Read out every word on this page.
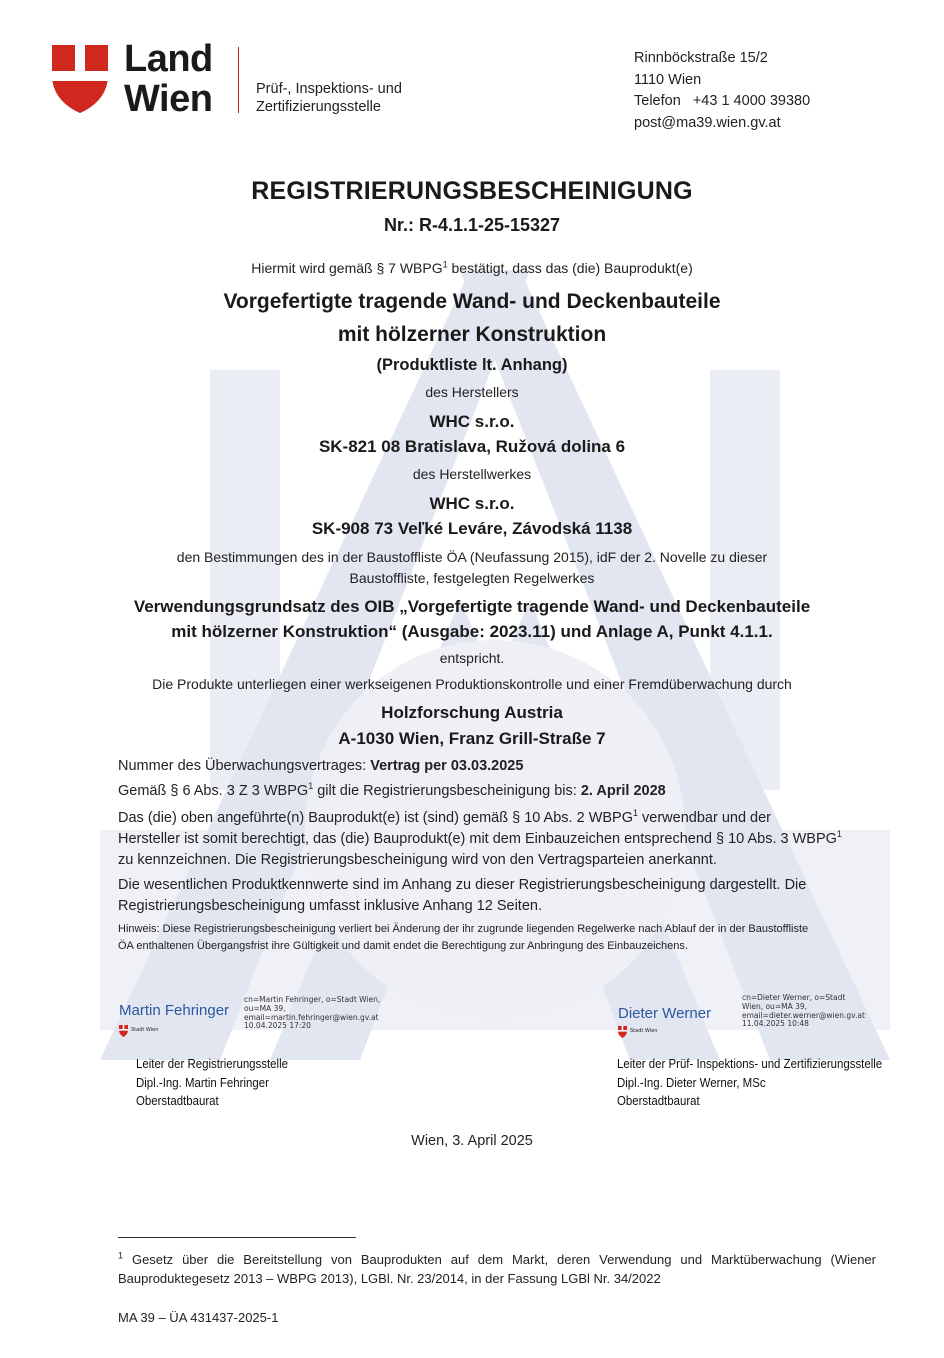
Land
Wien	Prüf-, Inspektions- und
Zertifizierungsstelle
Rinnböckstraße 15/2
1110 Wien
Telefon   +43 1 4000 39380
post@ma39.wien.gv.at
REGISTRIERUNGSBESCHEINIGUNG
Nr.: R-4.1.1-25-15327
Hiermit wird gemäß § 7 WBPG$^1$ bestätigt, dass das (die) Bauprodukt(e)
Vorgefertigte tragende Wand- und Deckenbauteile
mit hölzerner Konstruktion
(Produktliste lt. Anhang)
des Herstellers
WHC s.r.o.
SK-821 08 Bratislava, Ružová dolina 6
des Herstellwerkes
WHC s.r.o.
SK-908 73 Veľké Leváre, Závodská 1138
den Bestimmungen des in der Baustoffliste ÖA (Neufassung 2015), idF der 2. Novelle zu dieser
Baustoffliste, festgelegten Regelwerkes
Verwendungsgrundsatz des OIB „Vorgefertigte tragende Wand- und Deckenbauteile
mit hölzerner Konstruktion“ (Ausgabe: 2023.11) und Anlage A, Punkt 4.1.1.
entspricht.
Die Produkte unterliegen einer werkseigenen Produktionskontrolle und einer Fremdüberwachung durch
Holzforschung Austria
A-1030 Wien, Franz Grill-Straße 7
Nummer des Überwachungsvertrages: Vertrag per 03.03.2025
Gemäß § 6 Abs. 3 Z 3 WBPG$^1$ gilt die Registrierungsbescheinigung bis: 2. April 2028
Das (die) oben angeführte(n) Bauprodukt(e) ist (sind) gemäß § 10 Abs. 2 WBPG$^1$ verwendbar und der
Hersteller ist somit berechtigt, das (die) Bauprodukt(e) mit dem Einbauzeichen entsprechend § 10 Abs. 3 WBPG$^1$
zu kennzeichnen. Die Registrierungsbescheinigung wird von den Vertragsparteien anerkannt.
Die wesentlichen Produktkennwerte sind im Anhang zu dieser Registrierungsbescheinigung dargestellt. Die
Registrierungsbescheinigung umfasst inklusive Anhang 12 Seiten.
Hinweis: Diese Registrierungsbescheinigung verliert bei Änderung der ihr zugrunde liegenden Regelwerke nach Ablauf der in der Baustoffliste
ÖA enthaltenen Übergangsfrist ihre Gültigkeit und damit endet die Berechtigung zur Anbringung des Einbauzeichens.
Martin Fehringer
cn=Martin Fehringer, o=Stadt Wien,
ou=MA 39,
email=martin.fehringer@wien.gv.at
10.04.2025 17:20
Stadt Wien
Leiter der Registrierungsstelle
Dipl.-Ing. Martin Fehringer
Oberstadtbaurat
Dieter Werner
cn=Dieter Werner, o=Stadt
Wien, ou=MA 39,
email=dieter.werner@wien.gv.at
11.04.2025 10:48
Stadt Wien
Leiter der Prüf- Inspektions- und Zertifizierungsstelle
Dipl.-Ing. Dieter Werner, MSc
Oberstadtbaurat
Wien, 3. April 2025
$^1$ Gesetz über die Bereitstellung von Bauprodukten auf dem Markt, deren Verwendung und Marktüberwachung (Wiener Bauproduktegesetz 2013 – WBPG 2013), LGBl. Nr. 23/2014, in der Fassung LGBl Nr. 34/2022
MA 39 – ÜA 431437-2025-1
